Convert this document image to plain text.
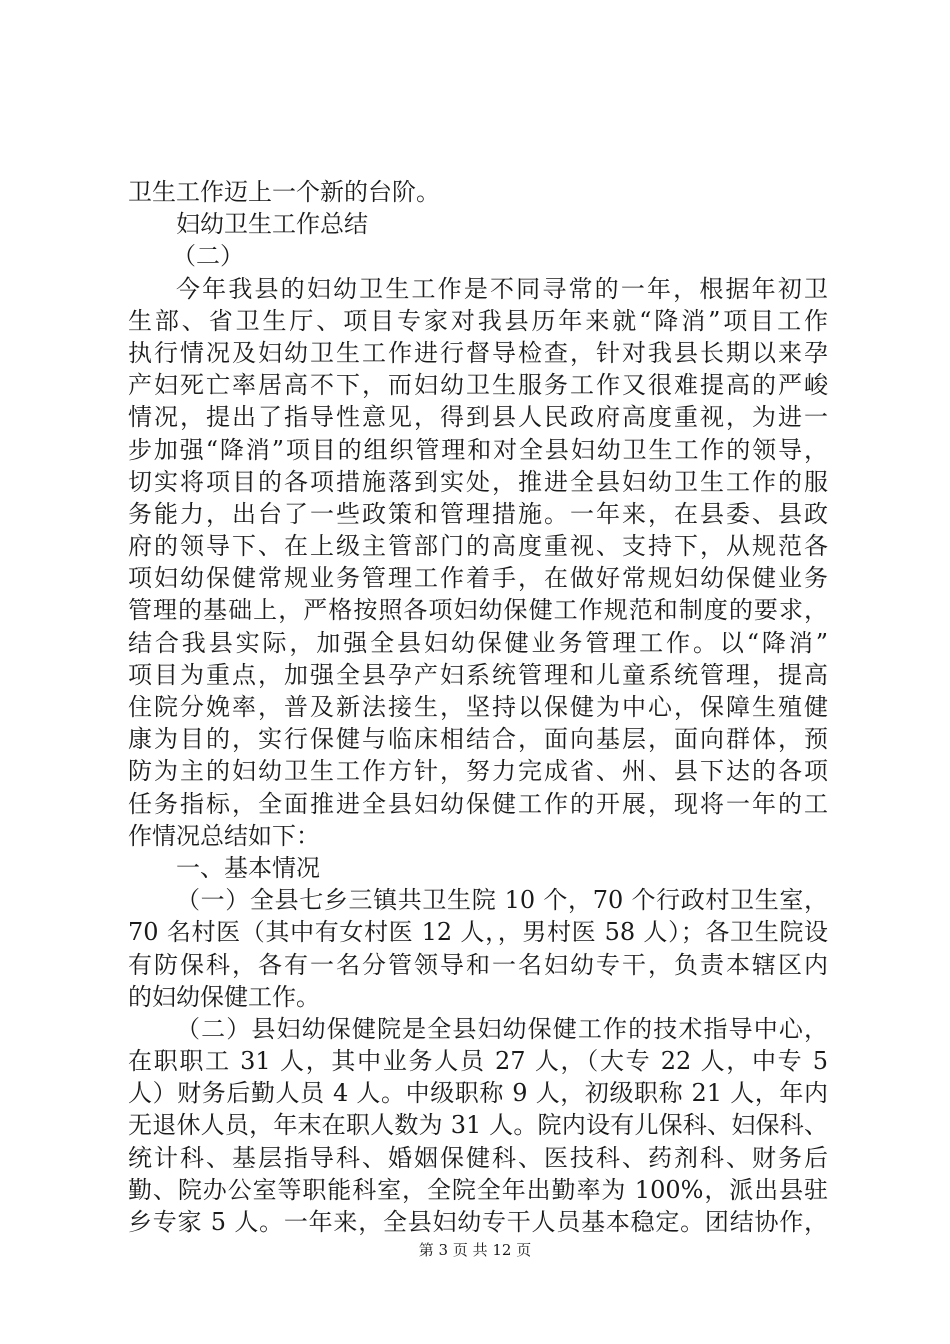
卫生工作迈上一个新的台阶。
妇幼卫生工作总结
（二）
今年我县的妇幼卫生工作是不同寻常的一年，根据年初卫
生部、省卫生厅、项目专家对我县历年来就“降消”项目工作
执行情况及妇幼卫生工作进行督导检查，针对我县长期以来孕
产妇死亡率居高不下，而妇幼卫生服务工作又很难提高的严峻
情况，提出了指导性意见，得到县人民政府高度重视，为进一
步加强“降消”项目的组织管理和对全县妇幼卫生工作的领导，
切实将项目的各项措施落到实处，推进全县妇幼卫生工作的服
务能力，出台了一些政策和管理措施。一年来，在县委、县政
府的领导下、在上级主管部门的高度重视、支持下，从规范各
项妇幼保健常规业务管理工作着手，在做好常规妇幼保健业务
管理的基础上，严格按照各项妇幼保健工作规范和制度的要求，
结合我县实际，加强全县妇幼保健业务管理工作。以“降消”
项目为重点，加强全县孕产妇系统管理和儿童系统管理，提高
住院分娩率，普及新法接生，坚持以保健为中心，保障生殖健
康为目的，实行保健与临床相结合，面向基层，面向群体，预
防为主的妇幼卫生工作方针，努力完成省、州、县下达的各项
任务指标，全面推进全县妇幼保健工作的开展，现将一年的工
作情况总结如下：
一、基本情况
（一）全县七乡三镇共卫生院 10 个，70 个行政村卫生室，
70 名村医（其中有女村医 12 人，，男村医 58 人）；各卫生院设
有防保科，各有一名分管领导和一名妇幼专干，负责本辖区内
的妇幼保健工作。
（二）县妇幼保健院是全县妇幼保健工作的技术指导中心，
在职职工 31 人，其中业务人员 27 人，（大专 22 人，中专 5
人）财务后勤人员 4 人。中级职称 9 人，初级职称 21 人，年内
无退休人员，年末在职人数为 31 人。院内设有儿保科、妇保科、
统计科、基层指导科、婚姻保健科、医技科、药剂科、财务后
勤、院办公室等职能科室，全院全年出勤率为 100%，派出县驻
乡专家 5 人。一年来，全县妇幼专干人员基本稳定。团结协作，
第 3 页 共 12 页
